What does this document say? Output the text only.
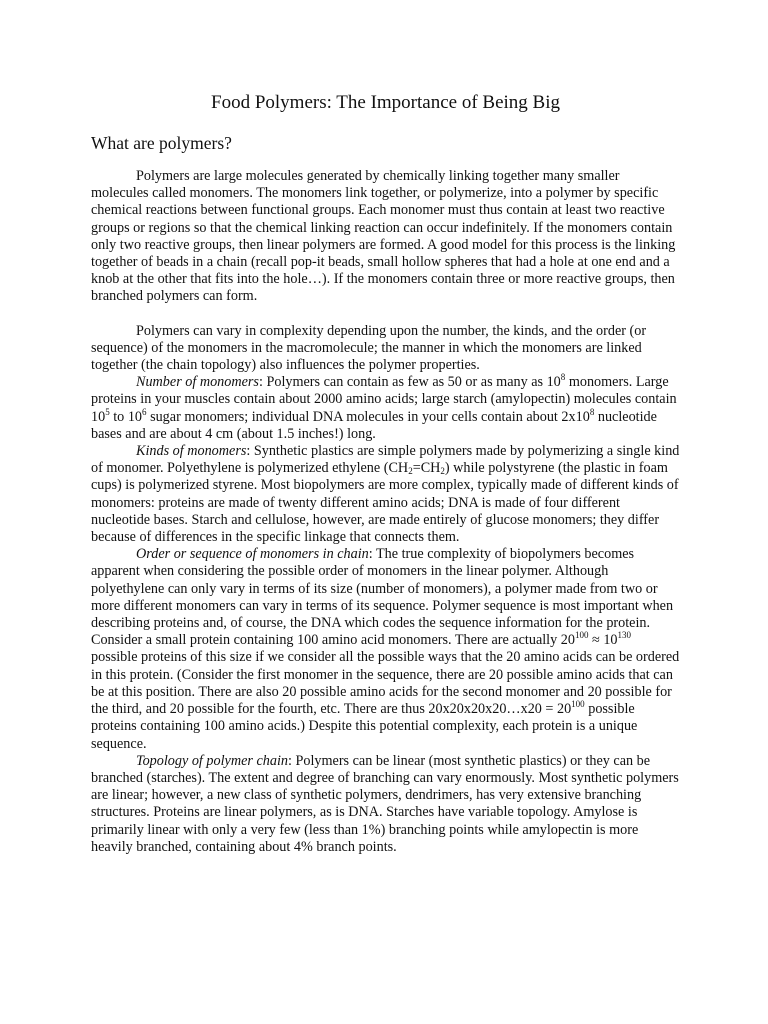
Food Polymers: The Importance of Being Big
What are polymers?

Polymers are large molecules generated by chemically linking together many smaller molecules called monomers. The monomers link together, or polymerize, into a polymer by specific chemical reactions between functional groups. Each monomer must thus contain at least two reactive groups or regions so that the chemical linking reaction can occur indefinitely. If the monomers contain only two reactive groups, then linear polymers are formed. A good model for this process is the linking together of beads in a chain (recall pop-it beads, small hollow spheres that had a hole at one end and a knob at the other that fits into the hole…). If the monomers contain three or more reactive groups, then branched polymers can form.

Polymers can vary in complexity depending upon the number, the kinds, and the order (or sequence) of the monomers in the macromolecule; the manner in which the monomers are linked together (the chain topology) also influences the polymer properties.

Number of monomers: Polymers can contain as few as 50 or as many as $10^8$ monomers. Large proteins in your muscles contain about 2000 amino acids; large starch (amylopectin) molecules contain $10^5$ to $10^6$ sugar monomers; individual DNA molecules in your cells contain about $2x10^8$ nucleotide bases and are about 4 cm (about 1.5 inches!) long.

Kinds of monomers: Synthetic plastics are simple polymers made by polymerizing a single kind of monomer. Polyethylene is polymerized ethylene $(CH_2=CH_2)$ while polystyrene (the plastic in foam cups) is polymerized styrene. Most biopolymers are more complex, typically made of different kinds of monomers: proteins are made of twenty different amino acids; DNA is made of four different nucleotide bases. Starch and cellulose, however, are made entirely of glucose monomers; they differ because of differences in the specific linkage that connects them.

Order or sequence of monomers in chain: The true complexity of biopolymers becomes apparent when considering the possible order of monomers in the linear polymer. Although polyethylene can only vary in terms of its size (number of monomers), a polymer made from two or more different monomers can vary in terms of its sequence. Polymer sequence is most important when describing proteins and, of course, the DNA which codes the sequence information for the protein. Consider a small protein containing 100 amino acid monomers. There are actually $20^{100} \approx 10^{130}$ possible proteins of this size if we consider all the possible ways that the 20 amino acids can be ordered in this protein. (Consider the first monomer in the sequence, there are 20 possible amino acids that can be at this position. There are also 20 possible amino acids for the second monomer and 20 possible for the third, and 20 possible for the fourth, etc. There are thus 20x20x20x20…x20 = $20^{100}$ possible proteins containing 100 amino acids.) Despite this potential complexity, each protein is a unique sequence.

Topology of polymer chain: Polymers can be linear (most synthetic plastics) or they can be branched (starches). The extent and degree of branching can vary enormously. Most synthetic polymers are linear; however, a new class of synthetic polymers, dendrimers, has very extensive branching structures. Proteins are linear polymers, as is DNA. Starches have variable topology. Amylose is primarily linear with only a very few (less than 1%) branching points while amylopectin is more heavily branched, containing about 4% branch points.
